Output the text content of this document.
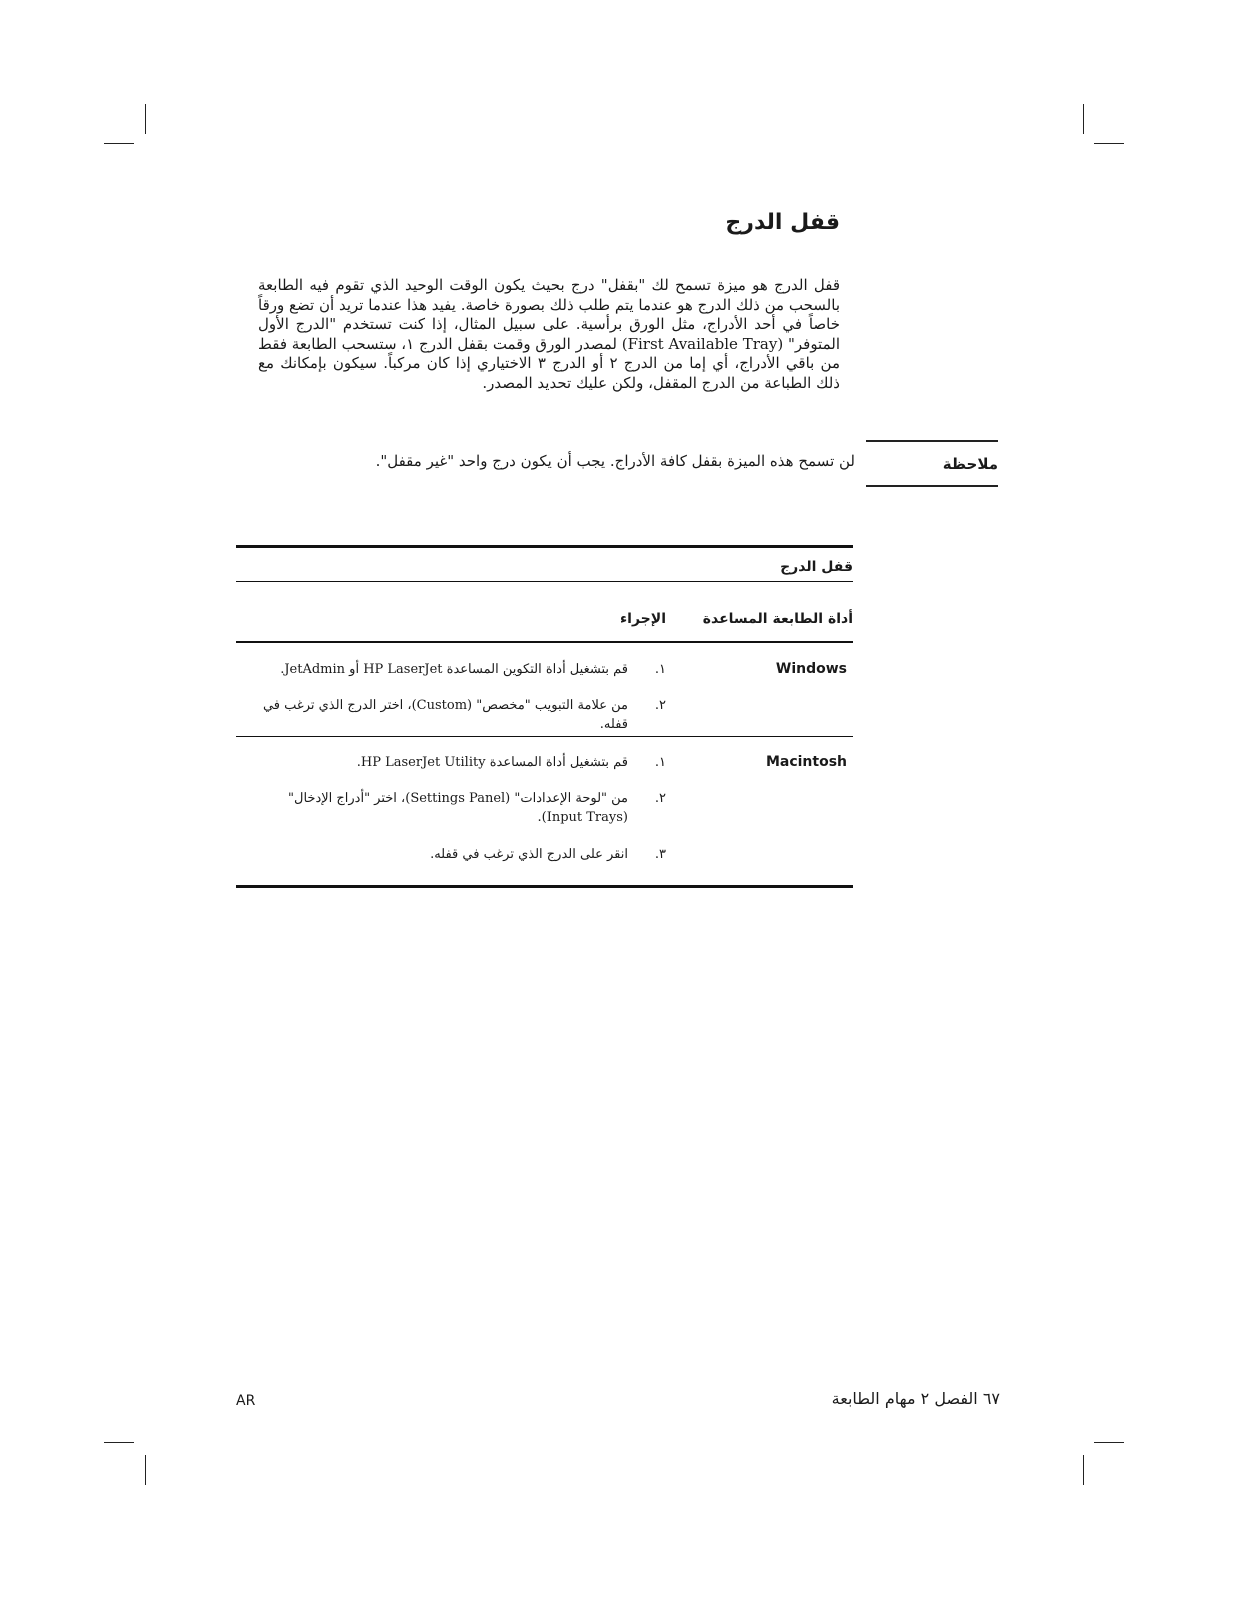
قفل الدرج

قفل الدرج هو ميزة تسمح لك "بقفل" درج بحيث يكون الوقت الوحيد الذي تقوم فيه الطابعة بالسحب من ذلك الدرج هو عندما يتم طلب ذلك بصورة خاصة. يفيد هذا عندما تريد أن تضع ورقاً خاصاً في أحد الأدراج، مثل الورق برأسية. على سبيل المثال، إذا كنت تستخدم "الدرج الأول المتوفر" (First Available Tray) لمصدر الورق وقمت بقفل الدرج ١، ستسحب الطابعة فقط من باقي الأدراج، أي إما من الدرج ٢ أو الدرج ٣ الاختياري إذا كان مركباً. سيكون بإمكانك مع ذلك الطباعة من الدرج المقفل، ولكن عليك تحديد المصدر.

ملاحظة
لن تسمح هذه الميزة بقفل كافة الأدراج. يجب أن يكون درج واحد "غير مقفل".
قفل الدرج
أداة الطابعة المساعدة
الإجراء
Windows
١.
قم بتشغيل أداة التكوين المساعدة HP LaserJet أو JetAdmin.
٢.
من علامة التبويب "مخصص" (Custom)، اختر الدرج الذي ترغب في قفله.
Macintosh
١.
قم بتشغيل أداة المساعدة HP LaserJet Utility.
٢.
من "لوحة الإعدادات" (Settings Panel)، اختر "أدراج الإدخال" (Input Trays).
٣.
انقر على الدرج الذي ترغب في قفله.
AR	٦٧ الفصل ٢ مهام الطابعة
